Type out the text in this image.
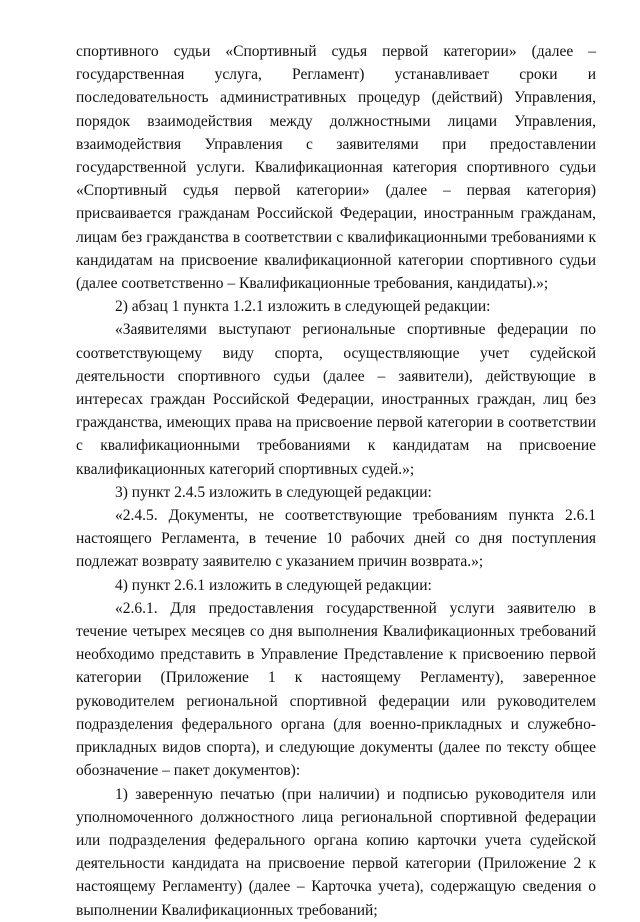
спортивного судьи «Спортивный судья первой категории» (далее – государственная услуга, Регламент) устанавливает сроки и последовательность административных процедур (действий) Управления, порядок взаимодействия между должностными лицами Управления, взаимодействия Управления с заявителями при предоставлении государственной услуги. Квалификационная категория спортивного судьи «Спортивный судья первой категории» (далее – первая категория) присваивается гражданам Российской Федерации, иностранным гражданам, лицам без гражданства в соответствии с квалификационными требованиями к кандидатам на присвоение квалификационной категории спортивного судьи (далее соответственно – Квалификационные требования, кандидаты).»;

2) абзац 1 пункта 1.2.1 изложить в следующей редакции:

«Заявителями выступают региональные спортивные федерации по соответствующему виду спорта, осуществляющие учет судейской деятельности спортивного судьи (далее – заявители), действующие в интересах граждан Российской Федерации, иностранных граждан, лиц без гражданства, имеющих права на присвоение первой категории в соответствии с квалификационными требованиями к кандидатам на присвоение квалификационных категорий спортивных судей.»;

3) пункт 2.4.5 изложить в следующей редакции:

«2.4.5. Документы, не соответствующие требованиям пункта 2.6.1 настоящего Регламента, в течение 10 рабочих дней со дня поступления подлежат возврату заявителю с указанием причин возврата.»;

4) пункт 2.6.1 изложить в следующей редакции:

«2.6.1. Для предоставления государственной услуги заявителю в течение четырех месяцев со дня выполнения Квалификационных требований необходимо представить в Управление Представление к присвоению первой категории (Приложение 1 к настоящему Регламенту), заверенное руководителем региональной спортивной федерации или руководителем подразделения федерального органа (для военно-прикладных и служебно-прикладных видов спорта), и следующие документы (далее по тексту общее обозначение – пакет документов):

1) заверенную печатью (при наличии) и подписью руководителя или уполномоченного должностного лица региональной спортивной федерации или подразделения федерального органа копию карточки учета судейской деятельности кандидата на присвоение первой категории (Приложение 2 к настоящему Регламенту) (далее – Карточка учета), содержащую сведения о выполнении Квалификационных требований;
